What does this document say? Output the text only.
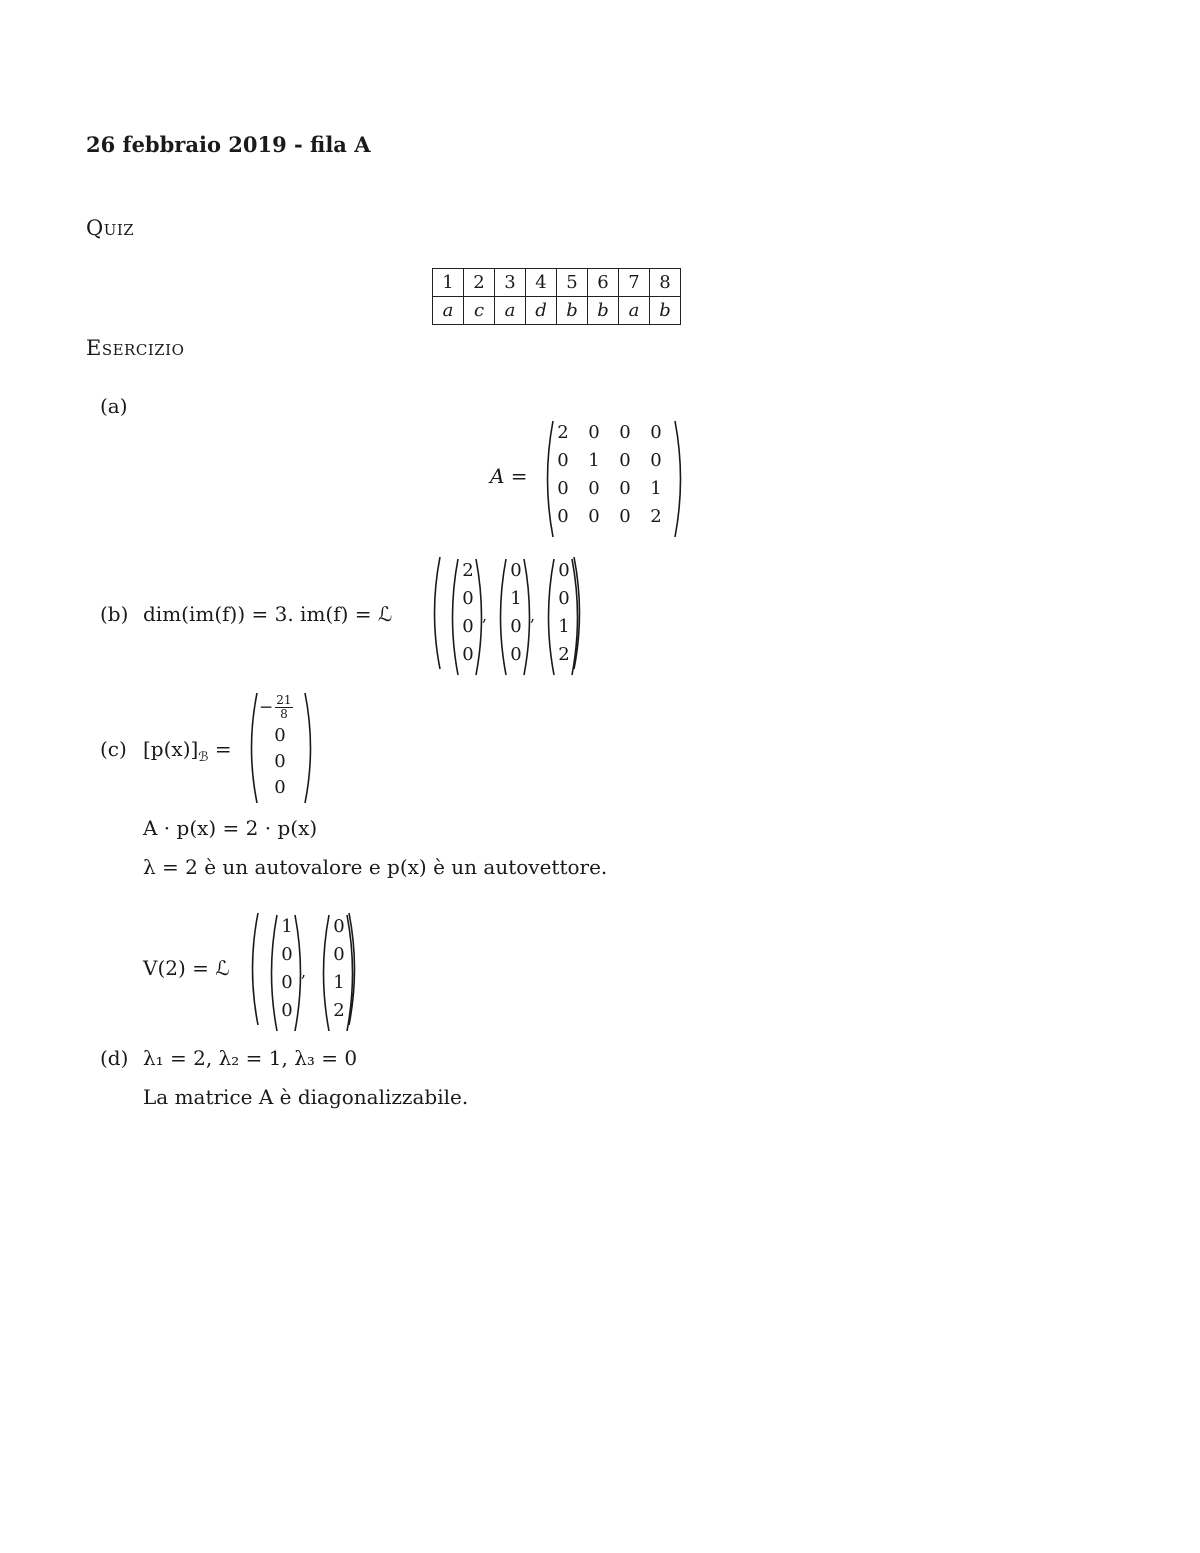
26 febbraio 2019 - fila A
Quiz
1	2	3	4	5	6	7	8
a	c	a	d	b	b	a	b
Esercizio
(a)
A =
(b) dim(im(f)) = 3. im(f) = ℒ
(c) $[p(x)]_ℬ$ =
A · p(x) = 2 · p(x)
λ = 2 è un autovalore e p(x) è un autovettore.
V(2) = ℒ
(d) λ₁ = 2, λ₂ = 1, λ₃ = 0
La matrice A è diagonalizzabile.
2 0 0 0
0 1 0 0
0 0 0 1
0 0 0 2
2
0
0
0
,
0
1
0
0
,
0
0
1
2
− $\frac{21}{8}$
0
0
0
1
0
0
0
,
0
0
1
2
